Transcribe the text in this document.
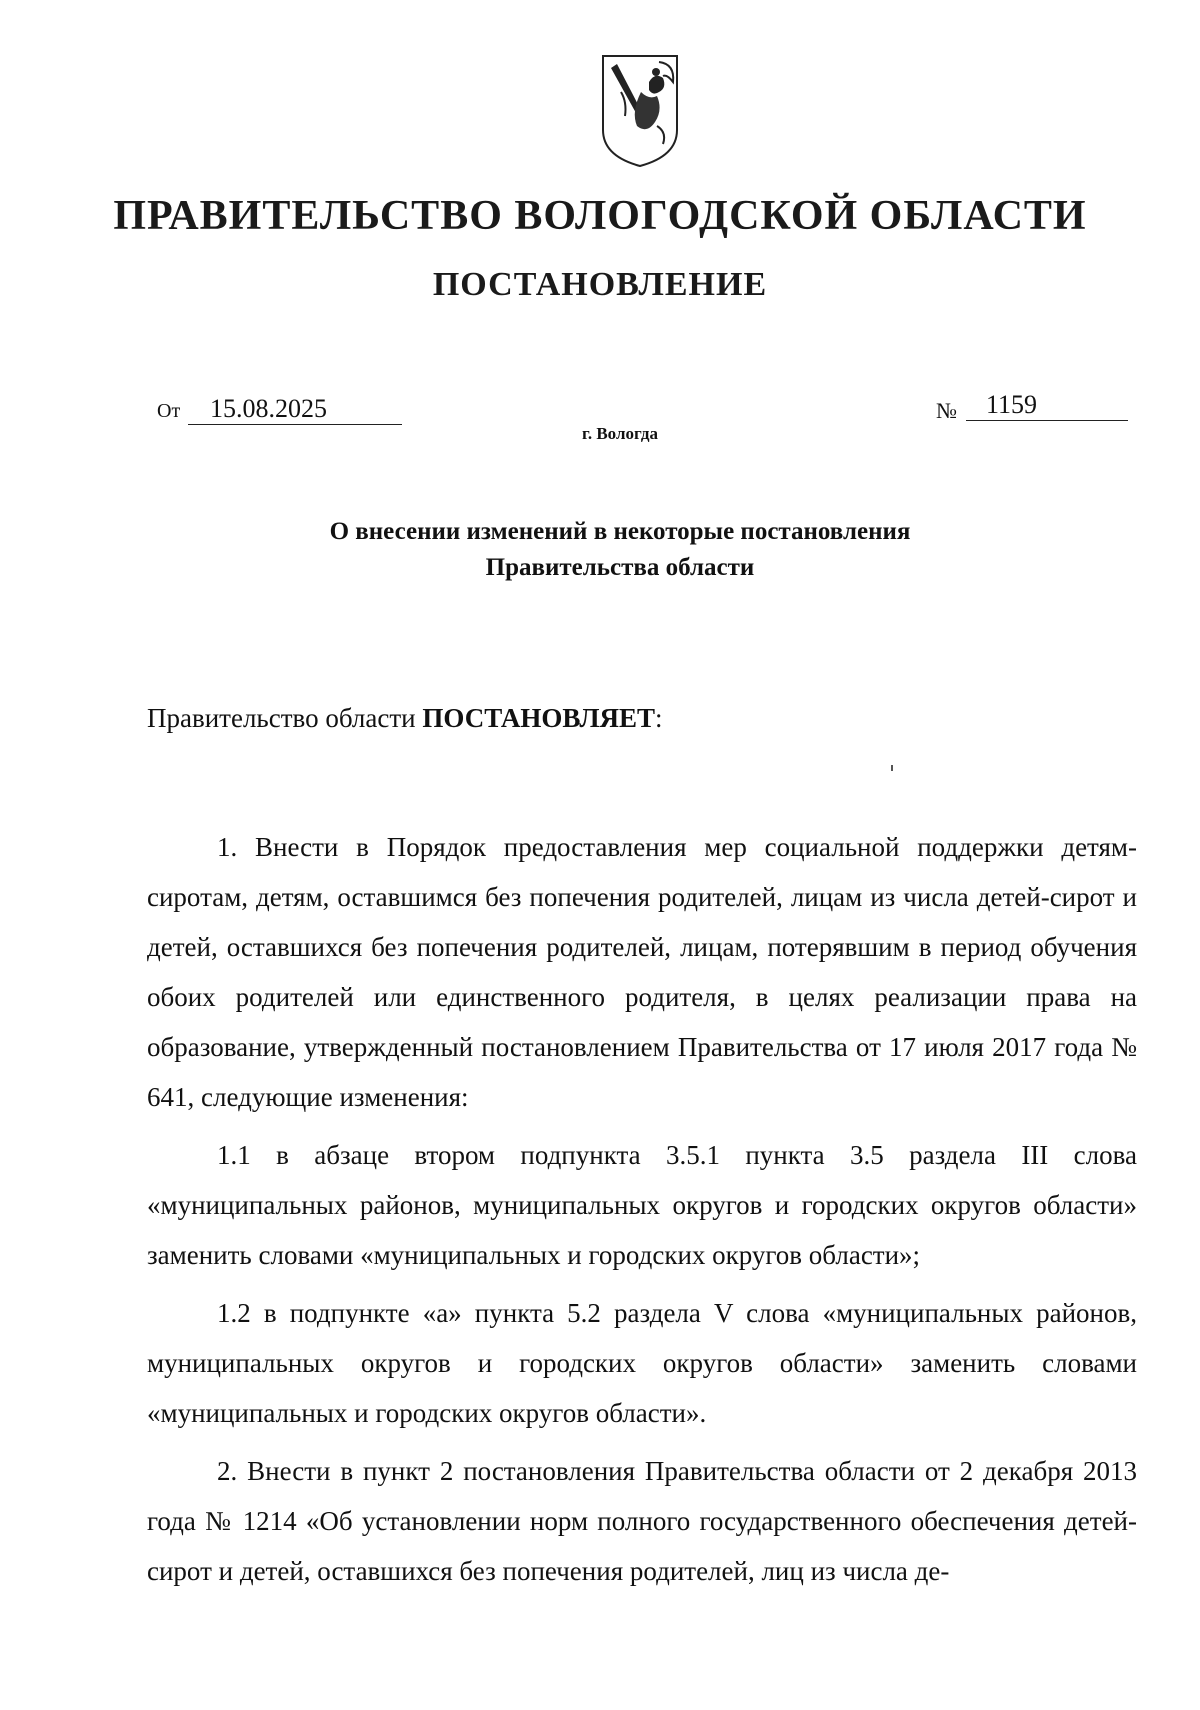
ПРАВИТЕЛЬСТВО ВОЛОГОДСКОЙ ОБЛАСТИ
ПОСТАНОВЛЕНИЕ
От	15.08.2025	№	1159
г. Вологда
О внесении изменений в некоторые постановления
Правительства области
Правительство области ПОСТАНОВЛЯЕТ:

1. Внести в Порядок предоставления мер социальной поддержки детям-сиротам, детям, оставшимся без попечения родителей, лицам из числа детей-сирот и детей, оставшихся без попечения родителей, лицам, потерявшим в период обучения обоих родителей или единственного родителя, в целях реализации права на образование, утвержденный постановлением Правительства от 17 июля 2017 года № 641, следующие изменения:

1.1 в абзаце втором подпункта 3.5.1 пункта 3.5 раздела III слова «муниципальных районов, муниципальных округов и городских округов области» заменить словами «муниципальных и городских округов области»;

1.2 в подпункте «а» пункта 5.2 раздела V слова «муниципальных районов, муниципальных округов и городских округов области» заменить словами «муниципальных и городских округов области».

2. Внести в пункт 2 постановления Правительства области от 2 декабря 2013 года № 1214 «Об установлении норм полного государственного обеспечения детей-сирот и детей, оставшихся без попечения родителей, лиц из числа де-
